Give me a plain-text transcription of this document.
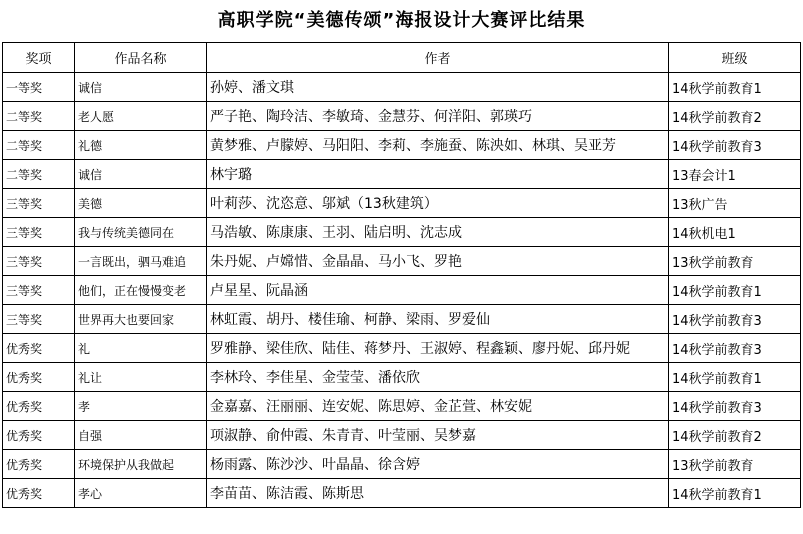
高职学院“美德传颂”海报设计大赛评比结果
奖项	作品名称	作者	班级
一等奖	诚信	孙婷、潘文琪	14秋学前教育1
二等奖	老人愿	严子艳、陶玲洁、李敏琦、金慧芬、何洋阳、郭瑛巧	14秋学前教育2
二等奖	礼德	黄梦雅、卢朦婷、马阳阳、李莉、李施蚕、陈泱如、林琪、吴亚芳	14秋学前教育3
二等奖	诚信	林宇璐	13春会计1
三等奖	美德	叶莉莎、沈恣意、邬斌（13秋建筑）	13秋广告
三等奖	我与传统美德同在	马浩敏、陈康康、王羽、陆启明、沈志成	14秋机电1
三等奖	一言既出，驷马难追	朱丹妮、卢嫦惜、金晶晶、马小飞、罗艳	13秋学前教育
三等奖	他们，正在慢慢变老	卢星星、阮晶涵	14秋学前教育1
三等奖	世界再大也要回家	林虹霞、胡丹、楼佳瑜、柯静、梁雨、罗爱仙	14秋学前教育3
优秀奖	礼	罗雅静、梁佳欣、陆佳、蒋梦丹、王淑婷、程鑫颖、廖丹妮、邱丹妮	14秋学前教育3
优秀奖	礼让	李林玲、李佳星、金莹莹、潘依欣	14秋学前教育1
优秀奖	孝	金嘉嘉、汪丽丽、连安妮、陈思婷、金芷萱、林安妮	14秋学前教育3
优秀奖	自强	项淑静、俞仲霞、朱青青、叶莹丽、吴梦嘉	14秋学前教育2
优秀奖	环境保护从我做起	杨雨露、陈沙沙、叶晶晶、徐含婷	13秋学前教育
优秀奖	孝心	李苗苗、陈洁霞、陈斯思	14秋学前教育1
